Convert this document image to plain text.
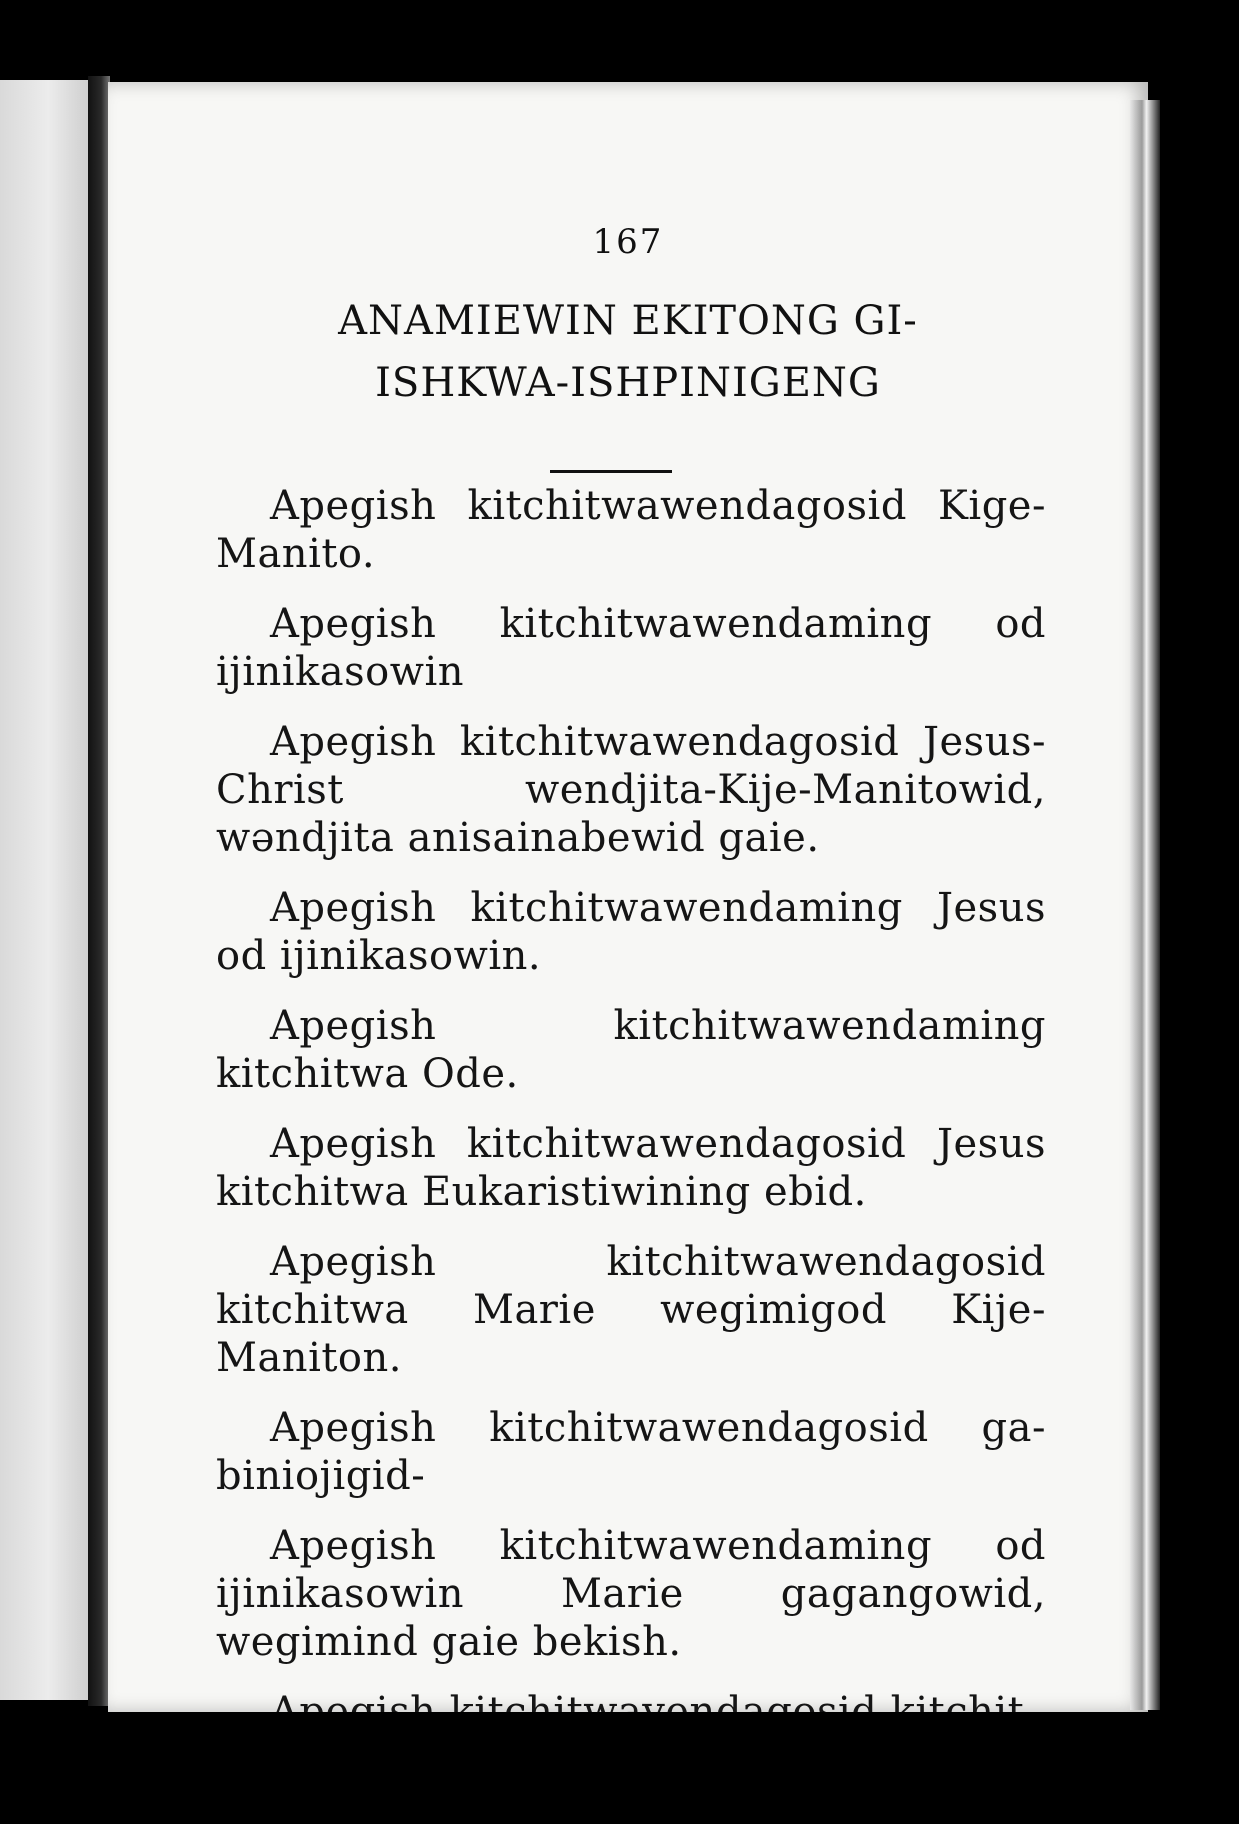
167
ANAMIEWIN EKITONG GI-
ISHKWA-ISHPINIGENG

Apegish kitchitwawendagosid Kige-Manito.

Apegish kitchitwawendaming od ijinikasowin

Apegish kitchitwawendagosid Jesus-Christ wendjita-Kije-Manitowid, wəndjita anisainabewid gaie.

Apegish kitchitwawendaming Jesus od ijinikasowin.

Apegish kitchitwawendaming kitchitwa Ode.

Apegish kitchitwawendagosid Jesus kitchitwa Eukaristiwining ebid.

Apegish kitchitwawendagosid kitchitwa Marie wegimigod Kije-Maniton.

Apegish kitchitwawendagosid ga-biniojigid-

Apegish kitchitwawendaming od ijinikasowin Marie gagangowid, wegimind gaie bekish.
